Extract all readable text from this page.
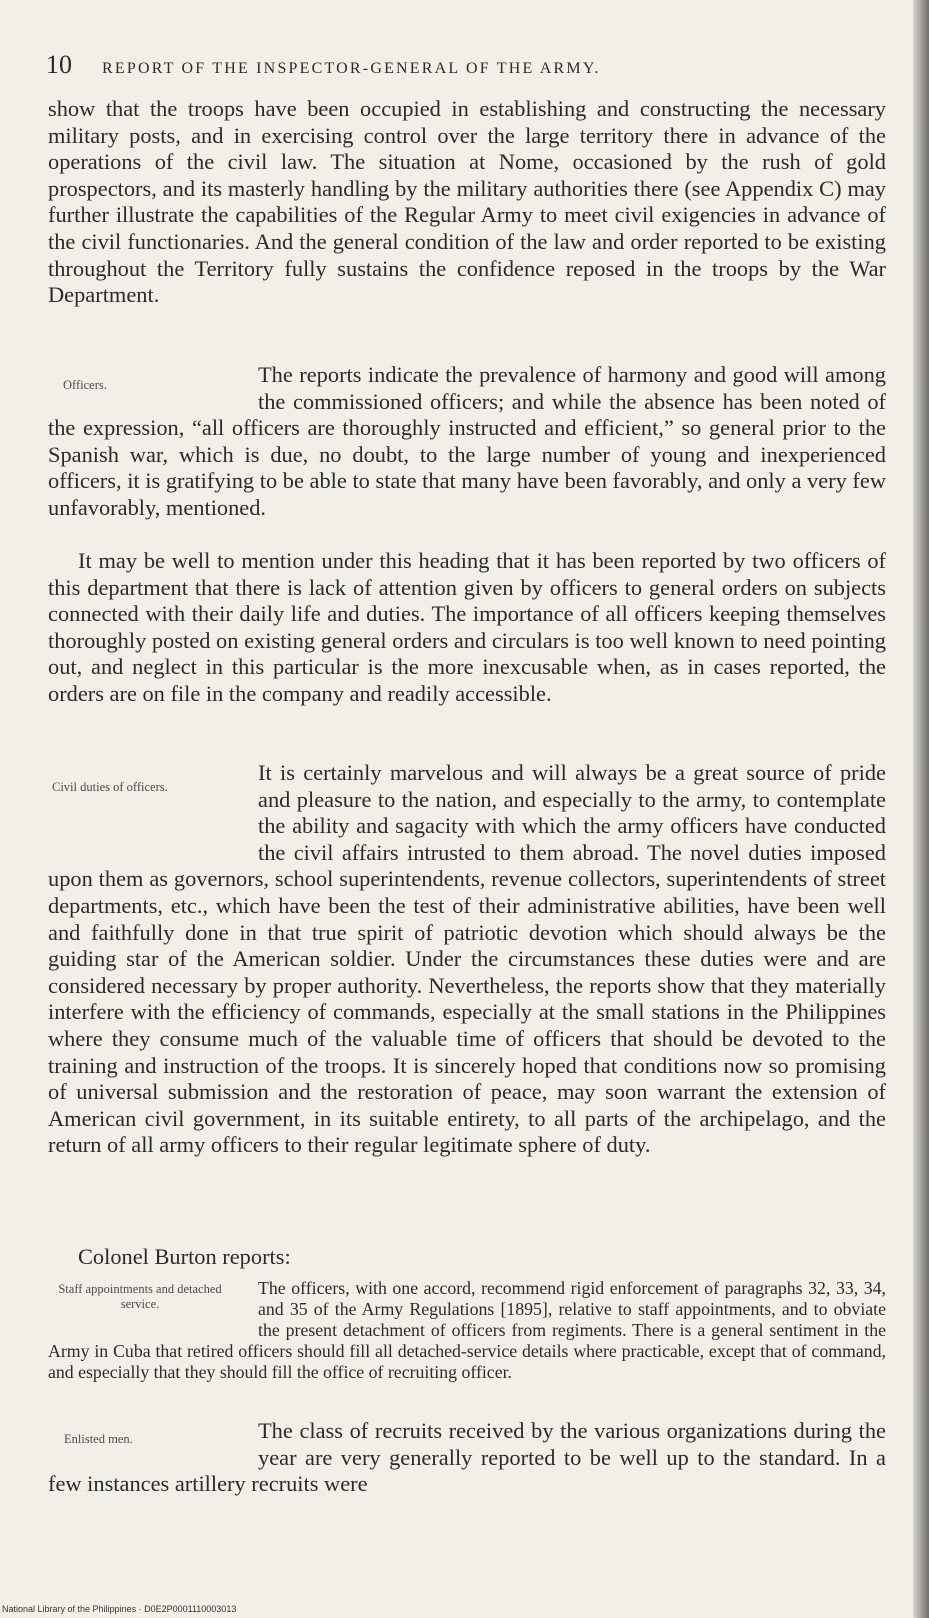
10 REPORT OF THE INSPECTOR-GENERAL OF THE ARMY.

show that the troops have been occupied in establishing and constructing the necessary military posts, and in exercising control over the large territory there in advance of the operations of the civil law. The situation at Nome, occasioned by the rush of gold prospectors, and its masterly handling by the military authorities there (see Appendix C) may further illustrate the capabilities of the Regular Army to meet civil exigencies in advance of the civil functionaries. And the general condition of the law and order reported to be existing throughout the Territory fully sustains the confidence reposed in the troops by the War Department.

Officers.	The reports indicate the prevalence of harmony and good will among the commissioned officers; and while the absence has been noted of the expression, “all officers are thoroughly instructed and efficient,” so general prior to the Spanish war, which is due, no doubt, to the large number of young and inexperienced officers, it is gratifying to be able to state that many have been favorably, and only a very few unfavorably, mentioned.

It may be well to mention under this heading that it has been reported by two officers of this department that there is lack of attention given by officers to general orders on subjects connected with their daily life and duties. The importance of all officers keeping themselves thoroughly posted on existing general orders and circulars is too well known to need pointing out, and neglect in this particular is the more inexcusable when, as in cases reported, the orders are on file in the company and readily accessible.

Civil duties of officers.

It is certainly marvelous and will always be a great source of pride and pleasure to the nation, and especially to the army, to contemplate the ability and sagacity with which the army officers have conducted the civil affairs intrusted to them abroad. The novel duties imposed upon them as governors, school superintendents, revenue collectors, superintendents of street departments, etc., which have been the test of their administrative abilities, have been well and faithfully done in that true spirit of patriotic devotion which should always be the guiding star of the American soldier. Under the circumstances these duties were and are considered necessary by proper authority. Nevertheless, the reports show that they materially interfere with the efficiency of commands, especially at the small stations in the Philippines where they consume much of the valuable time of officers that should be devoted to the training and instruction of the troops. It is sincerely hoped that conditions now so promising of universal submission and the restoration of peace, may soon warrant the extension of American civil government, in its suitable entirety, to all parts of the archipelago, and the return of all army officers to their regular legitimate sphere of duty.

Colonel Burton reports:

Staff appointments and detached service.
The officers, with one accord, recommend rigid enforcement of paragraphs 32, 33, 34, and 35 of the Army Regulations [1895], relative to staff appointments, and to obviate the present detachment of officers from regiments. There is a general sentiment in the Army in Cuba that retired officers should fill all detached-service details where practicable, except that of command, and especially that they should fill the office of recruiting officer.
Enlisted men.	The class of recruits received by the various organizations during the year are very generally reported to be well up to the standard. In a few instances artillery recruits were

National Library of the Philippines · D0E2P0001110003013
